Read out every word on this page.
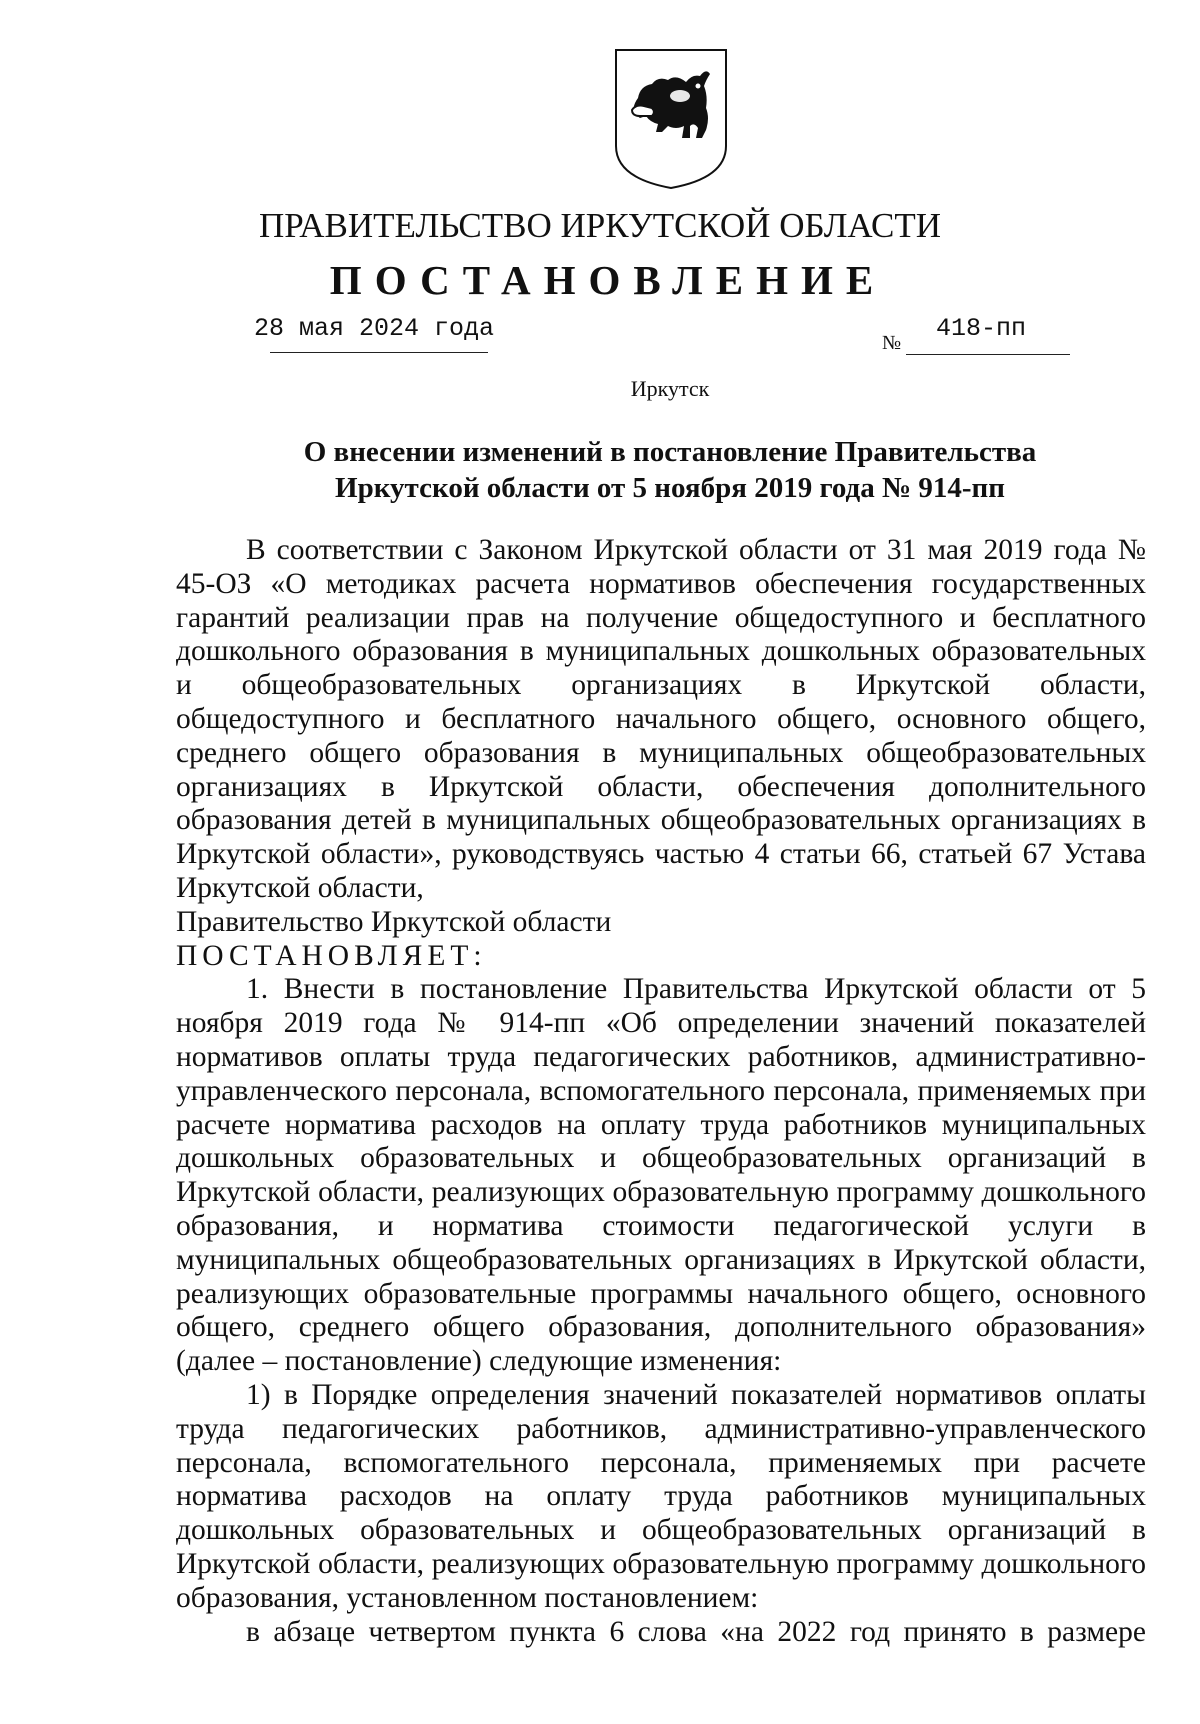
ПРАВИТЕЛЬСТВО ИРКУТСКОЙ ОБЛАСТИ
ПОСТАНОВЛЕНИЕ
28 мая 2024 года	№ 418-пп
Иркутск
О внесении изменений в постановление Правительства
Иркутской области от 5 ноября 2019 года № 914-пп

В соответствии с Законом Иркутской области от 31 мая 2019 года № 45-ОЗ «О методиках расчета нормативов обеспечения государственных гарантий реализации прав на получение общедоступного и бесплатного дошкольного образования в муниципальных дошкольных образовательных и общеобразовательных организациях в Иркутской области, общедоступного и бесплатного начального общего, основного общего, среднего общего образования в муниципальных общеобразовательных организациях в Иркутской области, обеспечения дополнительного образования детей в муниципальных общеобразовательных организациях в Иркутской области», руководствуясь частью 4 статьи 66, статьей 67 Устава Иркутской области,

Правительство Иркутской области

ПОСТАНОВЛЯЕТ:

1. Внести в постановление Правительства Иркутской области от 5 ноября 2019 года № 914-пп «Об определении значений показателей нормативов оплаты труда педагогических работников, административно-управленческого персонала, вспомогательного персонала, применяемых при расчете норматива расходов на оплату труда работников муниципальных дошкольных образовательных и общеобразовательных организаций в Иркутской области, реализующих образовательную программу дошкольного образования, и норматива стоимости педагогической услуги в муниципальных общеобразовательных организациях в Иркутской области, реализующих образовательные программы начального общего, основного общего, среднего общего образования, дополнительного образования» (далее – постановление) следующие изменения:

1) в Порядке определения значений показателей нормативов оплаты труда педагогических работников, административно-управленческого персонала, вспомогательного персонала, применяемых при расчете норматива расходов на оплату труда работников муниципальных дошкольных образовательных и общеобразовательных организаций в Иркутской области, реализующих образовательную программу дошкольного образования, установленном постановлением:

в абзаце четвертом пункта 6 слова «на 2022 год принято в размере
